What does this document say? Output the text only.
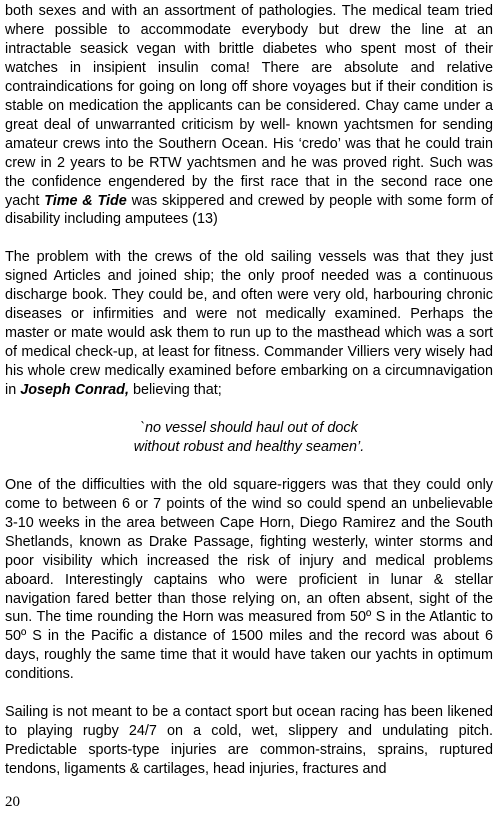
both sexes and with an assortment of pathologies. The medical team tried where possible to accommodate everybody but drew the line at an intractable seasick vegan with brittle diabetes who spent most of their watches in insipient insulin coma! There are absolute and relative contraindications for going on long off shore voyages but if their condition is stable on medication the applicants can be considered. Chay came under a great deal of unwarranted criticism by well- known yachtsmen for sending amateur crews into the Southern Ocean. His ‘credo’ was that he could train crew in 2 years to be RTW yachtsmen and he was proved right. Such was the confidence engendered by the first race that in the second race one yacht Time & Tide was skippered and crewed by people with some form of disability including amputees (13)

The problem with the crews of the old sailing vessels was that they just signed Articles and joined ship; the only proof needed was a continuous discharge book. They could be, and often were very old, harbouring chronic diseases or infirmities and were not medically examined. Perhaps the master or mate would ask them to run up to the masthead which was a sort of medical check-up, at least for fitness. Commander Villiers very wisely had his whole crew medically examined before embarking on a circumnavigation in Joseph Conrad, believing that;

`no vessel should haul out of dock
without robust and healthy seamen’.

One of the difficulties with the old square-riggers was that they could only come to between 6 or 7 points of the wind so could spend an unbelievable 3-10 weeks in the area between Cape Horn, Diego Ramirez and the South Shetlands, known as Drake Passage, fighting westerly, winter storms and poor visibility which increased the risk of injury and medical problems aboard. Interestingly captains who were proficient in lunar & stellar navigation fared better than those relying on, an often absent, sight of the sun. The time rounding the Horn was measured from 50º S in the Atlantic to 50º S in the Pacific a distance of 1500 miles and the record was about 6 days, roughly the same time that it would have taken our yachts in optimum conditions.

Sailing is not meant to be a contact sport but ocean racing has been likened to playing rugby 24/7 on a cold, wet, slippery and undulating pitch. Predictable sports-type injuries are common-strains, sprains, ruptured tendons, ligaments & cartilages, head injuries, fractures and

20
